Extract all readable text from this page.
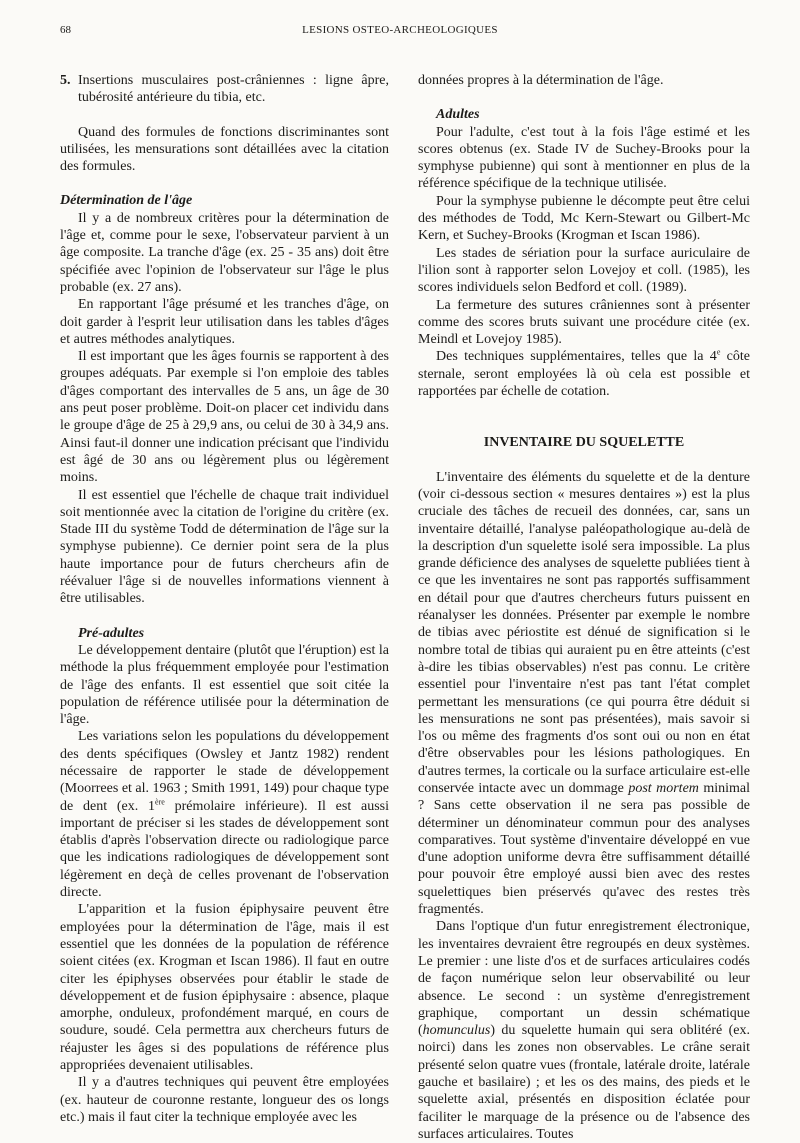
68	LESIONS OSTEO-ARCHEOLOGIQUES

5. Insertions musculaires post-crâniennes : ligne âpre, tubérosité antérieure du tibia, etc.

Quand des formules de fonctions discriminantes sont utilisées, les mensurations sont détaillées avec la citation des formules.

Détermination de l'âge

Il y a de nombreux critères pour la détermination de l'âge et, comme pour le sexe, l'observateur parvient à un âge composite. La tranche d'âge (ex. 25 - 35 ans) doit être spécifiée avec l'opinion de l'observateur sur l'âge le plus probable (ex. 27 ans).

En rapportant l'âge présumé et les tranches d'âge, on doit garder à l'esprit leur utilisation dans les tables d'âges et autres méthodes analytiques.

Il est important que les âges fournis se rapportent à des groupes adéquats. Par exemple si l'on emploie des tables d'âges comportant des intervalles de 5 ans, un âge de 30 ans peut poser problème. Doit-on placer cet individu dans le groupe d'âge de 25 à 29,9 ans, ou celui de 30 à 34,9 ans. Ainsi faut-il donner une indication précisant que l'individu est âgé de 30 ans ou légèrement plus ou légèrement moins.

Il est essentiel que l'échelle de chaque trait individuel soit mentionnée avec la citation de l'origine du critère (ex. Stade III du système Todd de détermination de l'âge sur la symphyse pubienne). Ce dernier point sera de la plus haute importance pour de futurs chercheurs afin de réévaluer l'âge si de nouvelles informations viennent à être utilisables.

Pré-adultes

Le développement dentaire (plutôt que l'éruption) est la méthode la plus fréquemment employée pour l'estimation de l'âge des enfants. Il est essentiel que soit citée la population de référence utilisée pour la détermination de l'âge.

Les variations selon les populations du développement des dents spécifiques (Owsley et Jantz 1982) rendent nécessaire de rapporter le stade de développement (Moorrees et al. 1963 ; Smith 1991, 149) pour chaque type de dent (ex. 1ère prémolaire inférieure). Il est aussi important de préciser si les stades de développement sont établis d'après l'observation directe ou radiologique parce que les indications radiologiques de développement sont légèrement en deçà de celles provenant de l'observation directe.

L'apparition et la fusion épiphysaire peuvent être employées pour la détermination de l'âge, mais il est essentiel que les données de la population de référence soient citées (ex. Krogman et Iscan 1986). Il faut en outre citer les épiphyses observées pour établir le stade de développement et de fusion épiphysaire : absence, plaque amorphe, onduleux, profondément marqué, en cours de soudure, soudé. Cela permettra aux chercheurs futurs de réajuster les âges si des populations de référence plus appropriées devenaient utilisables.

Il y a d'autres techniques qui peuvent être employées (ex. hauteur de couronne restante, longueur des os longs etc.) mais il faut citer la technique employée avec les

données propres à la détermination de l'âge.

Adultes

Pour l'adulte, c'est tout à la fois l'âge estimé et les scores obtenus (ex. Stade IV de Suchey-Brooks pour la symphyse pubienne) qui sont à mentionner en plus de la référence spécifique de la technique utilisée.

Pour la symphyse pubienne le décompte peut être celui des méthodes de Todd, Mc Kern-Stewart ou Gilbert-Mc Kern, et Suchey-Brooks (Krogman et Iscan 1986).

Les stades de sériation pour la surface auriculaire de l'ilion sont à rapporter selon Lovejoy et coll. (1985), les scores individuels selon Bedford et coll. (1989).

La fermeture des sutures crâniennes sont à présenter comme des scores bruts suivant une procédure citée (ex. Meindl et Lovejoy 1985).

Des techniques supplémentaires, telles que la 4e côte sternale, seront employées là où cela est possible et rapportées par échelle de cotation.

INVENTAIRE DU SQUELETTE

L'inventaire des éléments du squelette et de la denture (voir ci-dessous section « mesures dentaires ») est la plus cruciale des tâches de recueil des données, car, sans un inventaire détaillé, l'analyse paléopathologique au-delà de la description d'un squelette isolé sera impossible. La plus grande déficience des analyses de squelette publiées tient à ce que les inventaires ne sont pas rapportés suffisamment en détail pour que d'autres chercheurs futurs puissent en réanalyser les données. Présenter par exemple le nombre de tibias avec périostite est dénué de signification si le nombre total de tibias qui auraient pu en être atteints (c'est à-dire les tibias observables) n'est pas connu. Le critère essentiel pour l'inventaire n'est pas tant l'état complet permettant les mensurations (ce qui pourra être déduit si les mensurations ne sont pas présentées), mais savoir si l'os ou même des fragments d'os sont oui ou non en état d'être observables pour les lésions pathologiques. En d'autres termes, la corticale ou la surface articulaire est-elle conservée intacte avec un dommage post mortem minimal ? Sans cette observation il ne sera pas possible de déterminer un dénominateur commun pour des analyses comparatives. Tout système d'inventaire développé en vue d'une adoption uniforme devra être suffisamment détaillé pour pouvoir être employé aussi bien avec des restes squelettiques bien préservés qu'avec des restes très fragmentés.

Dans l'optique d'un futur enregistrement électronique, les inventaires devraient être regroupés en deux systèmes. Le premier : une liste d'os et de surfaces articulaires codés de façon numérique selon leur observabilité ou leur absence. Le second : un système d'enregistrement graphique, comportant un dessin schématique (homunculus) du squelette humain qui sera oblitéré (ex. noirci) dans les zones non observables. Le crâne serait présenté selon quatre vues (frontale, latérale droite, latérale gauche et basilaire) ; et les os des mains, des pieds et le squelette axial, présentés en disposition éclatée pour faciliter le marquage de la présence ou de l'absence des surfaces articulaires. Toutes
